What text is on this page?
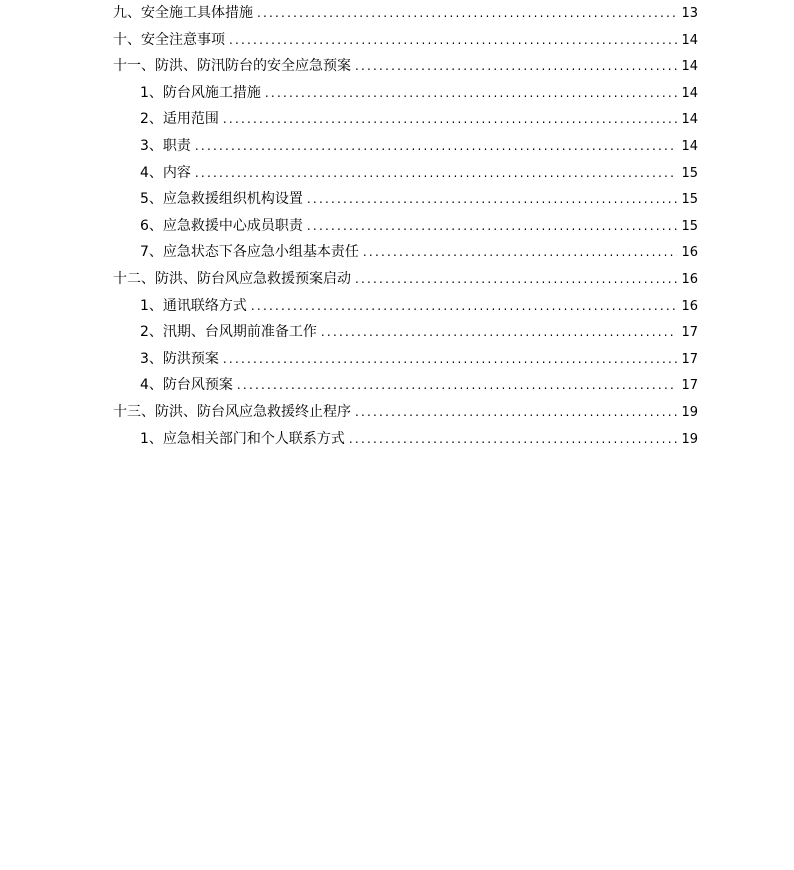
九、安全施工具体措施 .....	13
十、安全注意事项 .....	14
十一、防洪、防汛防台的安全应急预案 .....	14
1、防台风施工措施 .....	14
2、适用范围 .....	14
3、职责 .....	14
4、内容 .....	15
5、应急救援组织机构设置 .....	15
6、应急救援中心成员职责 .....	15
7、应急状态下各应急小组基本责任 .....	16
十二、防洪、防台风应急救援预案启动 .....	16
1、通讯联络方式 .....	16
2、汛期、台风期前准备工作 .....	17
3、防洪预案 .....	17
4、防台风预案 .....	17
十三、防洪、防台风应急救援终止程序 .....	19
1、应急相关部门和个人联系方式 .....	19
